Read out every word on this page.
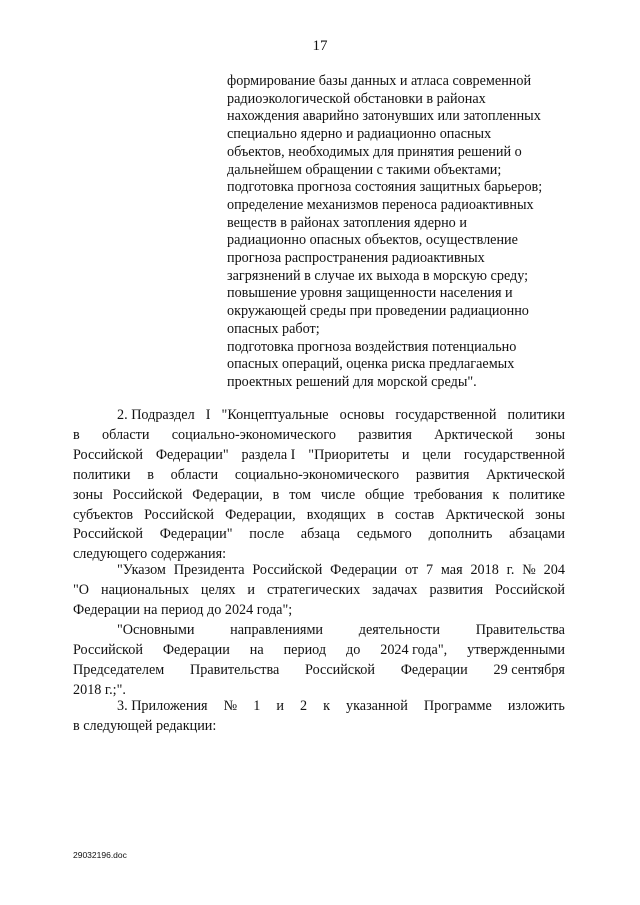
17
формирование базы данных и атласа современной
радиоэкологической обстановки в районах
нахождения аварийно затонувших или затопленных
специально ядерно и радиационно опасных
объектов, необходимых для принятия решений о
дальнейшем обращении с такими объектами;
подготовка прогноза состояния защитных барьеров;
определение механизмов переноса радиоактивных
веществ в районах затопления ядерно и
радиационно опасных объектов, осуществление
прогноза распространения радиоактивных
загрязнений в случае их выхода в морскую среду;
повышение уровня защищенности населения и
окружающей среды при проведении радиационно
опасных работ;
подготовка прогноза воздействия потенциально
опасных операций, оценка риска предлагаемых
проектных решений для морской среды".
2. Подраздел I "Концептуальные основы государственной политики
в области социально-экономического развития Арктической зоны
Российской Федерации" раздела I "Приоритеты и цели государственной
политики в области социально-экономического развития Арктической
зоны Российской Федерации, в том числе общие требования к политике
субъектов Российской Федерации, входящих в состав Арктической зоны
Российской Федерации" после абзаца седьмого дополнить абзацами
следующего содержания:
"Указом Президента Российской Федерации от 7 мая 2018 г. № 204
"О национальных целях и стратегических задачах развития Российской
Федерации на период до 2024 года";
"Основными	направлениями	деятельности	Правительства
Российской Федерации на период до 2024 года", утвержденными
Председателем Правительства Российской Федерации 29 сентября
2018 г.;".
3. Приложения № 1 и 2 к указанной Программе изложить
в следующей редакции:
29032196.doc
